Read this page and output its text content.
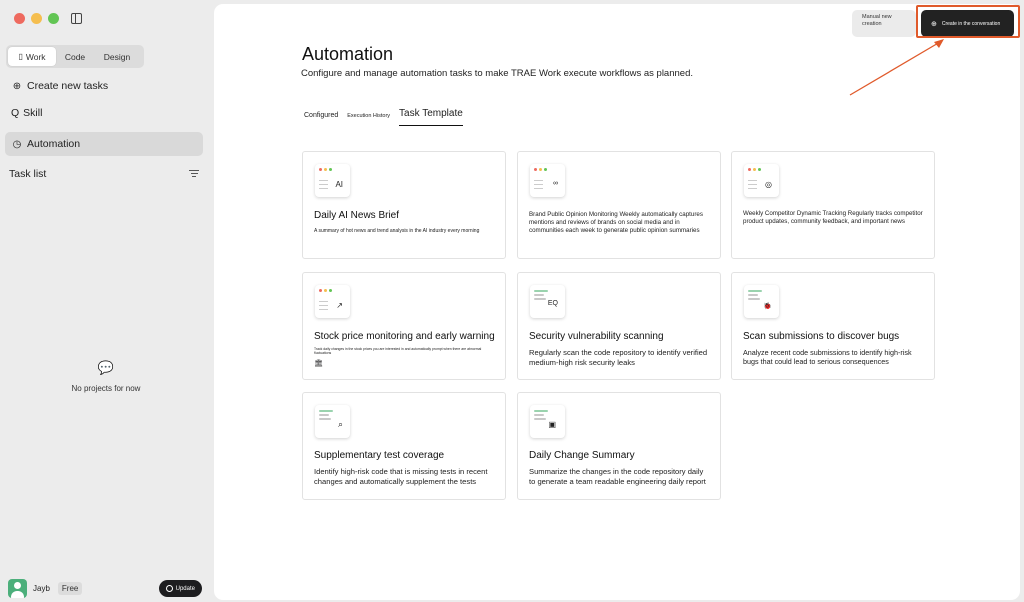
▯ Work Code Design
⊕ Create new tasks
Q Skill
◷ Automation
Task list
💬
No projects for now
Jayb	Free	Update
Manual new creation	⊕ Create in the conversation
Automation

Configure and manage automation tasks to make TRAE Work execute workflows as planned.

Configured Execution History Task Template
AI
Daily AI News Brief
A summary of hot news and trend analysis in the AI industry every morning
∞
Brand Public Opinion Monitoring Weekly automatically captures mentions and reviews of brands on social media and in communities each week to generate public opinion summaries
◎
Weekly Competitor Dynamic Tracking Regularly tracks competitor product updates, community feedback, and important news
↗
Stock price monitoring and early warning
Track daily changes in the stock prices you are interested in and automatically prompt when there are abnormal fluctuations
🏛
EQ
Security vulnerability scanning
Regularly scan the code repository to identify verified medium-high risk security leaks
🐞
Scan submissions to discover bugs
Analyze recent code submissions to identify high-risk bugs that could lead to serious consequences
⌕
Supplementary test coverage
Identify high-risk code that is missing tests in recent changes and automatically supplement the tests
▣
Daily Change Summary
Summarize the changes in the code repository daily to generate a team readable engineering daily report
